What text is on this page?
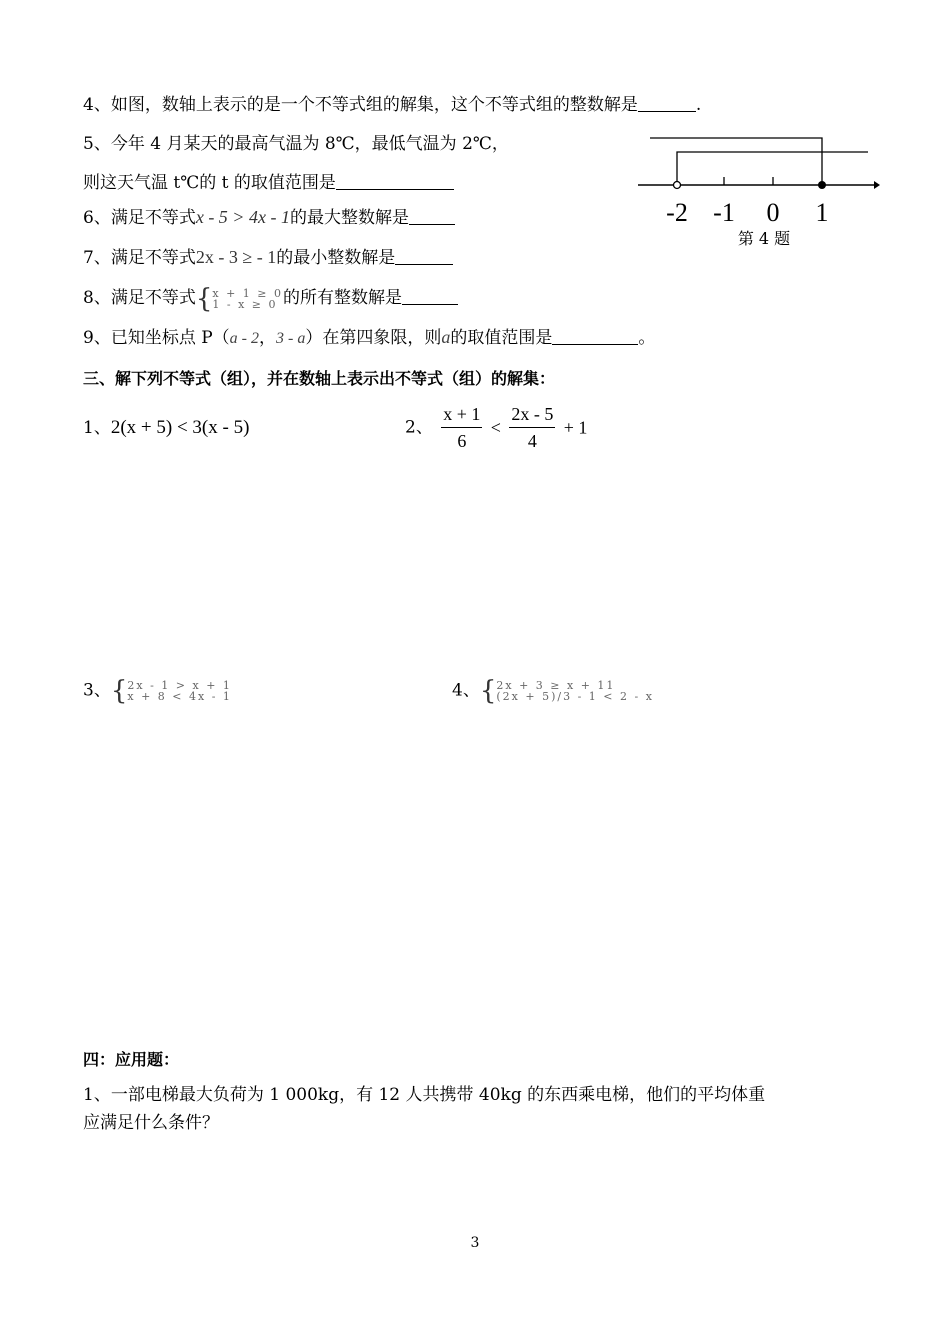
4、如图，数轴上表示的是一个不等式组的解集，这个不等式组的整数解是	.
5、今年 4 月某天的最高气温为 8℃，最低气温为 2℃，
则这天气温 t℃的 t 的取值范围是
6、满足不等式x - 5 > 4x - 1的最大整数解是
7、满足不等式2x - 3 ≥ - 1的最小整数解是
8、满足不等式{ x + 1 ≥ 0
1 - x ≥ 0 的所有整数解是
9、已知坐标点 P（a - 2，3 - a）在第四象限，则a的取值范围是	。
-2 -1 0 1
第 4 题
三、解下列不等式（组），并在数轴上表示出不等式（组）的解集：
1、2(x + 5) < 3(x - 5)	2、 $\frac{x + 1}{6} < \frac{2x - 5}{4} + 1$
3、{ 2x - 1 > x + 1
x + 8 < 4x - 1	4、{ 2x + 3 ≥ x + 11
(2x + 5)/3 - 1 < 2 - x
四：应用题：
1、一部电梯最大负荷为 1 000kg，有 12 人共携带 40kg 的东西乘电梯，他们的平均体重
应满足什么条件？
3
